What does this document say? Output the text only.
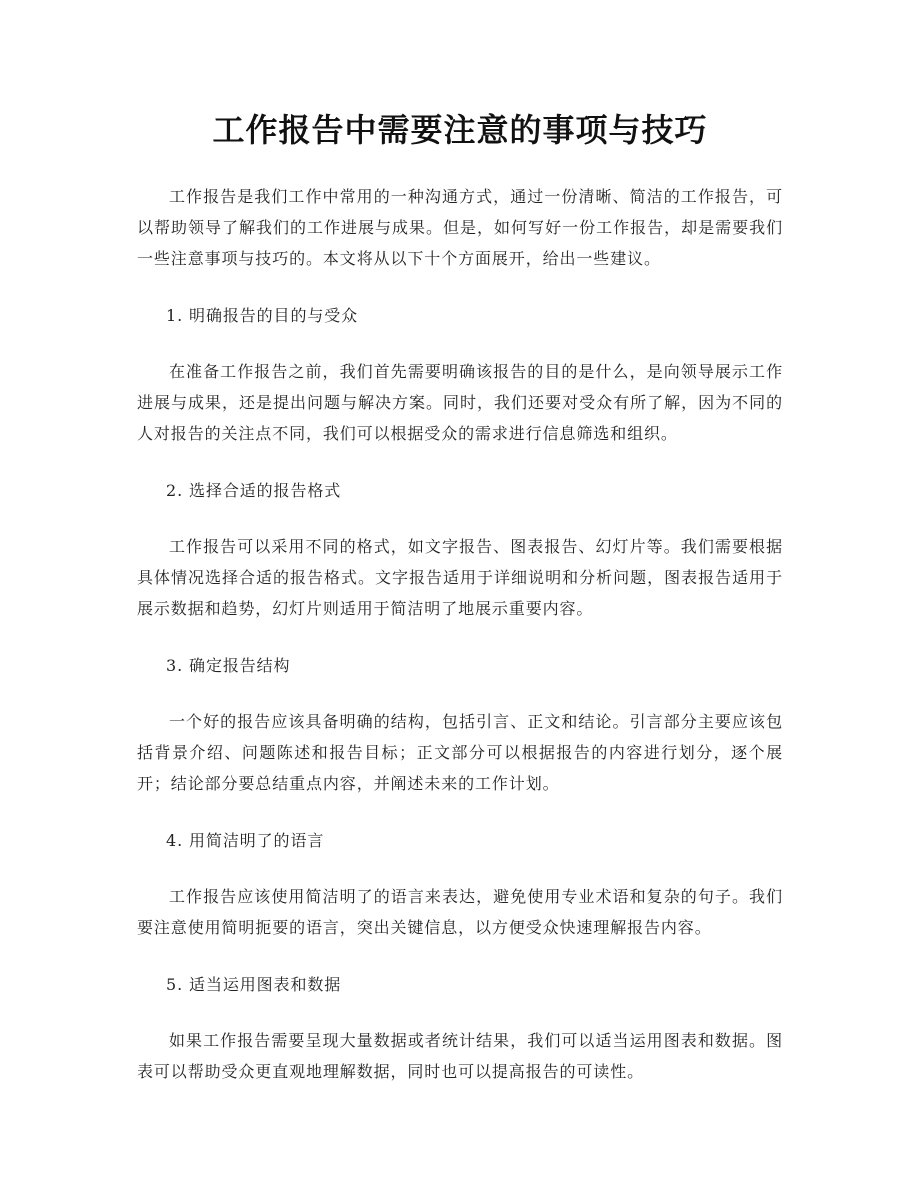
工作报告中需要注意的事项与技巧

工作报告是我们工作中常用的一种沟通方式，通过一份清晰、简洁的工作报告，可以帮助领导了解我们的工作进展与成果。但是，如何写好一份工作报告，却是需要我们一些注意事项与技巧的。本文将从以下十个方面展开，给出一些建议。

1. 明确报告的目的与受众

在准备工作报告之前，我们首先需要明确该报告的目的是什么，是向领导展示工作进展与成果，还是提出问题与解决方案。同时，我们还要对受众有所了解，因为不同的人对报告的关注点不同，我们可以根据受众的需求进行信息筛选和组织。

2. 选择合适的报告格式

工作报告可以采用不同的格式，如文字报告、图表报告、幻灯片等。我们需要根据具体情况选择合适的报告格式。文字报告适用于详细说明和分析问题，图表报告适用于展示数据和趋势，幻灯片则适用于简洁明了地展示重要内容。

3. 确定报告结构

一个好的报告应该具备明确的结构，包括引言、正文和结论。引言部分主要应该包括背景介绍、问题陈述和报告目标；正文部分可以根据报告的内容进行划分，逐个展开；结论部分要总结重点内容，并阐述未来的工作计划。

4. 用简洁明了的语言

工作报告应该使用简洁明了的语言来表达，避免使用专业术语和复杂的句子。我们要注意使用简明扼要的语言，突出关键信息，以方便受众快速理解报告内容。

5. 适当运用图表和数据

如果工作报告需要呈现大量数据或者统计结果，我们可以适当运用图表和数据。图表可以帮助受众更直观地理解数据，同时也可以提高报告的可读性。
